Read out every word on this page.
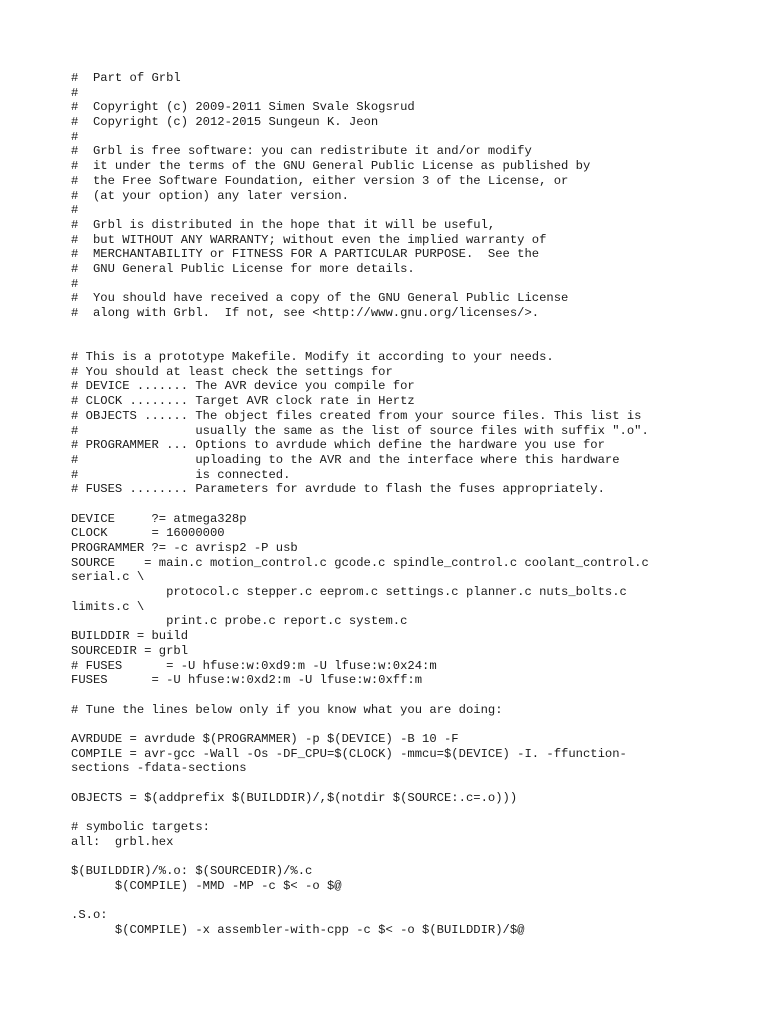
#  Part of Grbl
#
#  Copyright (c) 2009-2011 Simen Svale Skogsrud
#  Copyright (c) 2012-2015 Sungeun K. Jeon
#
#  Grbl is free software: you can redistribute it and/or modify
#  it under the terms of the GNU General Public License as published by
#  the Free Software Foundation, either version 3 of the License, or
#  (at your option) any later version.
#
#  Grbl is distributed in the hope that it will be useful,
#  but WITHOUT ANY WARRANTY; without even the implied warranty of
#  MERCHANTABILITY or FITNESS FOR A PARTICULAR PURPOSE.  See the
#  GNU General Public License for more details.
#
#  You should have received a copy of the GNU General Public License
#  along with Grbl.  If not, see <http://www.gnu.org/licenses/>.
# This is a prototype Makefile. Modify it according to your needs.
# You should at least check the settings for
# DEVICE ....... The AVR device you compile for
# CLOCK ........ Target AVR clock rate in Hertz
# OBJECTS ...... The object files created from your source files. This list is
#                usually the same as the list of source files with suffix ".o".
# PROGRAMMER ... Options to avrdude which define the hardware you use for
#                uploading to the AVR and the interface where this hardware
#                is connected.
# FUSES ........ Parameters for avrdude to flash the fuses appropriately.
DEVICE     ?= atmega328p
CLOCK      = 16000000
PROGRAMMER ?= -c avrisp2 -P usb
SOURCE    = main.c motion_control.c gcode.c spindle_control.c coolant_control.c
serial.c \
protocol.c stepper.c eeprom.c settings.c planner.c nuts_bolts.c
limits.c \
print.c probe.c report.c system.c
BUILDDIR = build
SOURCEDIR = grbl
# FUSES      = -U hfuse:w:0xd9:m -U lfuse:w:0x24:m
FUSES      = -U hfuse:w:0xd2:m -U lfuse:w:0xff:m
# Tune the lines below only if you know what you are doing:
AVRDUDE = avrdude $(PROGRAMMER) -p $(DEVICE) -B 10 -F
COMPILE = avr-gcc -Wall -Os -DF_CPU=$(CLOCK) -mmcu=$(DEVICE) -I. -ffunction-
sections -fdata-sections
OBJECTS = $(addprefix $(BUILDDIR)/,$(notdir $(SOURCE:.c=.o)))
# symbolic targets:
all:  grbl.hex
$(BUILDDIR)/%.o: $(SOURCEDIR)/%.c
$(COMPILE) -MMD -MP -c $< -o $@
.S.o:
$(COMPILE) -x assembler-with-cpp -c $< -o $(BUILDDIR)/$@
